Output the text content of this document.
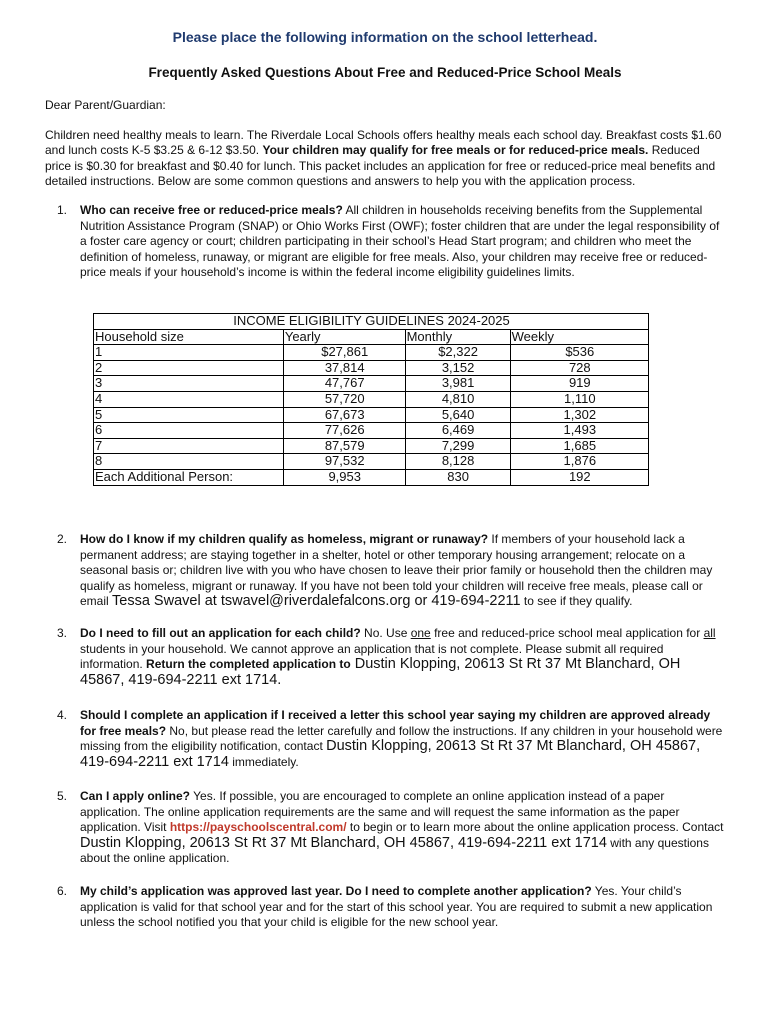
Please place the following information on the school letterhead.
Frequently Asked Questions About Free and Reduced-Price School Meals
Dear Parent/Guardian:
Children need healthy meals to learn. The Riverdale Local Schools offers healthy meals each school day. Breakfast costs $1.60 and lunch costs K-5 $3.25 & 6-12 $3.50. Your children may qualify for free meals or for reduced-price meals. Reduced price is $0.30 for breakfast and $0.40 for lunch. This packet includes an application for free or reduced-price meal benefits and detailed instructions. Below are some common questions and answers to help you with the application process.
1. Who can receive free or reduced-price meals? All children in households receiving benefits from the Supplemental Nutrition Assistance Program (SNAP) or Ohio Works First (OWF); foster children that are under the legal responsibility of a foster care agency or court; children participating in their school’s Head Start program; and children who meet the definition of homeless, runaway, or migrant are eligible for free meals. Also, your children may receive free or reduced-price meals if your household’s income is within the federal income eligibility guidelines limits.
INCOME ELIGIBILITY GUIDELINES 2024-2025			
Household size	Yearly	Monthly	Weekly
1	$27,861	$2,322	$536
2	37,814	3,152	728
3	47,767	3,981	919
4	57,720	4,810	1,110
5	67,673	5,640	1,302
6	77,626	6,469	1,493
7	87,579	7,299	1,685
8	97,532	8,128	1,876
Each Additional Person:	9,953	830	192
2. How do I know if my children qualify as homeless, migrant or runaway? If members of your household lack a permanent address; are staying together in a shelter, hotel or other temporary housing arrangement; relocate on a seasonal basis or; children live with you who have chosen to leave their prior family or household then the children may qualify as homeless, migrant or runaway. If you have not been told your children will receive free meals, please call or email Tessa Swavel at tswavel@riverdalefalcons.org or 419-694-2211 to see if they qualify.
3. Do I need to fill out an application for each child? No. Use one free and reduced-price school meal application for all students in your household. We cannot approve an application that is not complete. Please submit all required information. Return the completed application to Dustin Klopping, 20613 St Rt 37 Mt Blanchard, OH 45867, 419-694-2211 ext 1714.
4. Should I complete an application if I received a letter this school year saying my children are approved already for free meals? No, but please read the letter carefully and follow the instructions. If any children in your household were missing from the eligibility notification, contact Dustin Klopping, 20613 St Rt 37 Mt Blanchard, OH 45867, 419-694-2211 ext 1714 immediately.
5. Can I apply online? Yes. If possible, you are encouraged to complete an online application instead of a paper application. The online application requirements are the same and will request the same information as the paper application. Visit https://payschoolscentral.com/ to begin or to learn more about the online application process. Contact Dustin Klopping, 20613 St Rt 37 Mt Blanchard, OH 45867, 419-694-2211 ext 1714 with any questions about the online application.
6. My child’s application was approved last year. Do I need to complete another application? Yes. Your child’s application is valid for that school year and for the start of this school year. You are required to submit a new application unless the school notified you that your child is eligible for the new school year.
